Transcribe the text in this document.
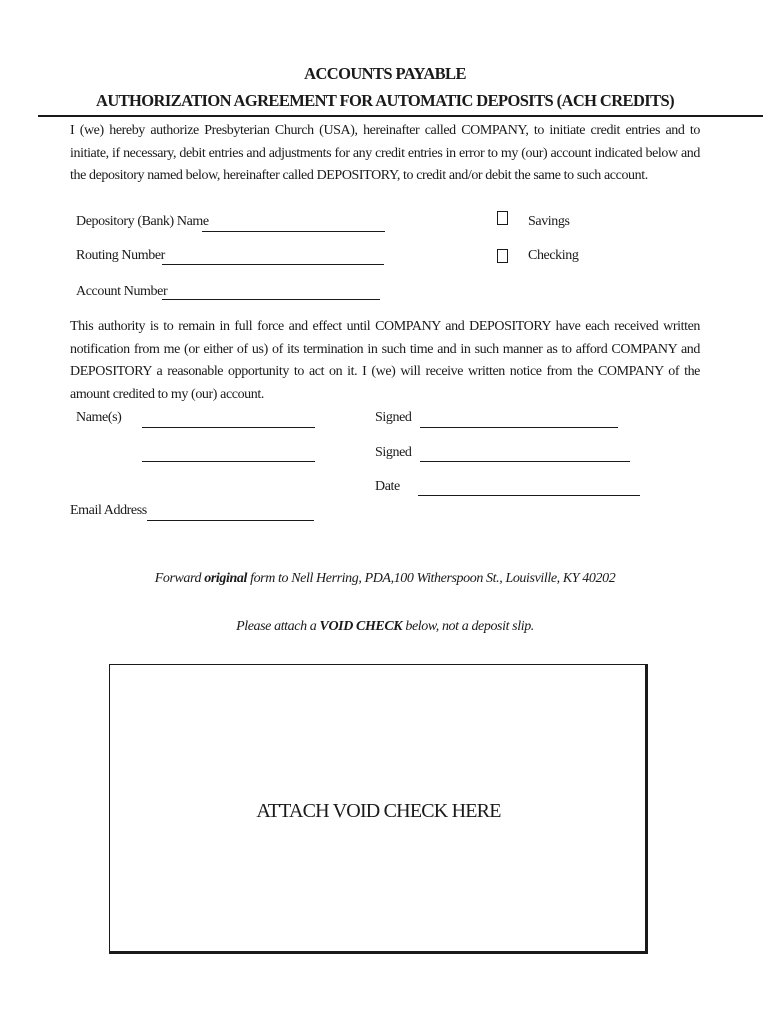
ACCOUNTS PAYABLE
AUTHORIZATION AGREEMENT FOR AUTOMATIC DEPOSITS (ACH CREDITS)
I (we) hereby authorize Presbyterian Church (USA), hereinafter called COMPANY, to initiate credit entries and to initiate, if necessary, debit entries and adjustments for any credit entries in error to my (our) account indicated below and the depository named below, hereinafter called DEPOSITORY, to credit and/or debit the same to such account.
Depository (Bank) Name
Routing Number
Account Number
Savings
Checking
This authority is to remain in full force and effect until COMPANY and DEPOSITORY have each received written notification from me (or either of us) of its termination in such time and in such manner as to afford COMPANY and DEPOSITORY a reasonable opportunity to act on it. I (we) will receive written notice from the COMPANY of the amount credited to my (our) account.
Name(s)	Signed
Signed
Date
Email Address
Forward original form to Nell Herring, PDA,100 Witherspoon St., Louisville, KY 40202
Please attach a VOID CHECK below, not a deposit slip.
ATTACH VOID CHECK HERE
